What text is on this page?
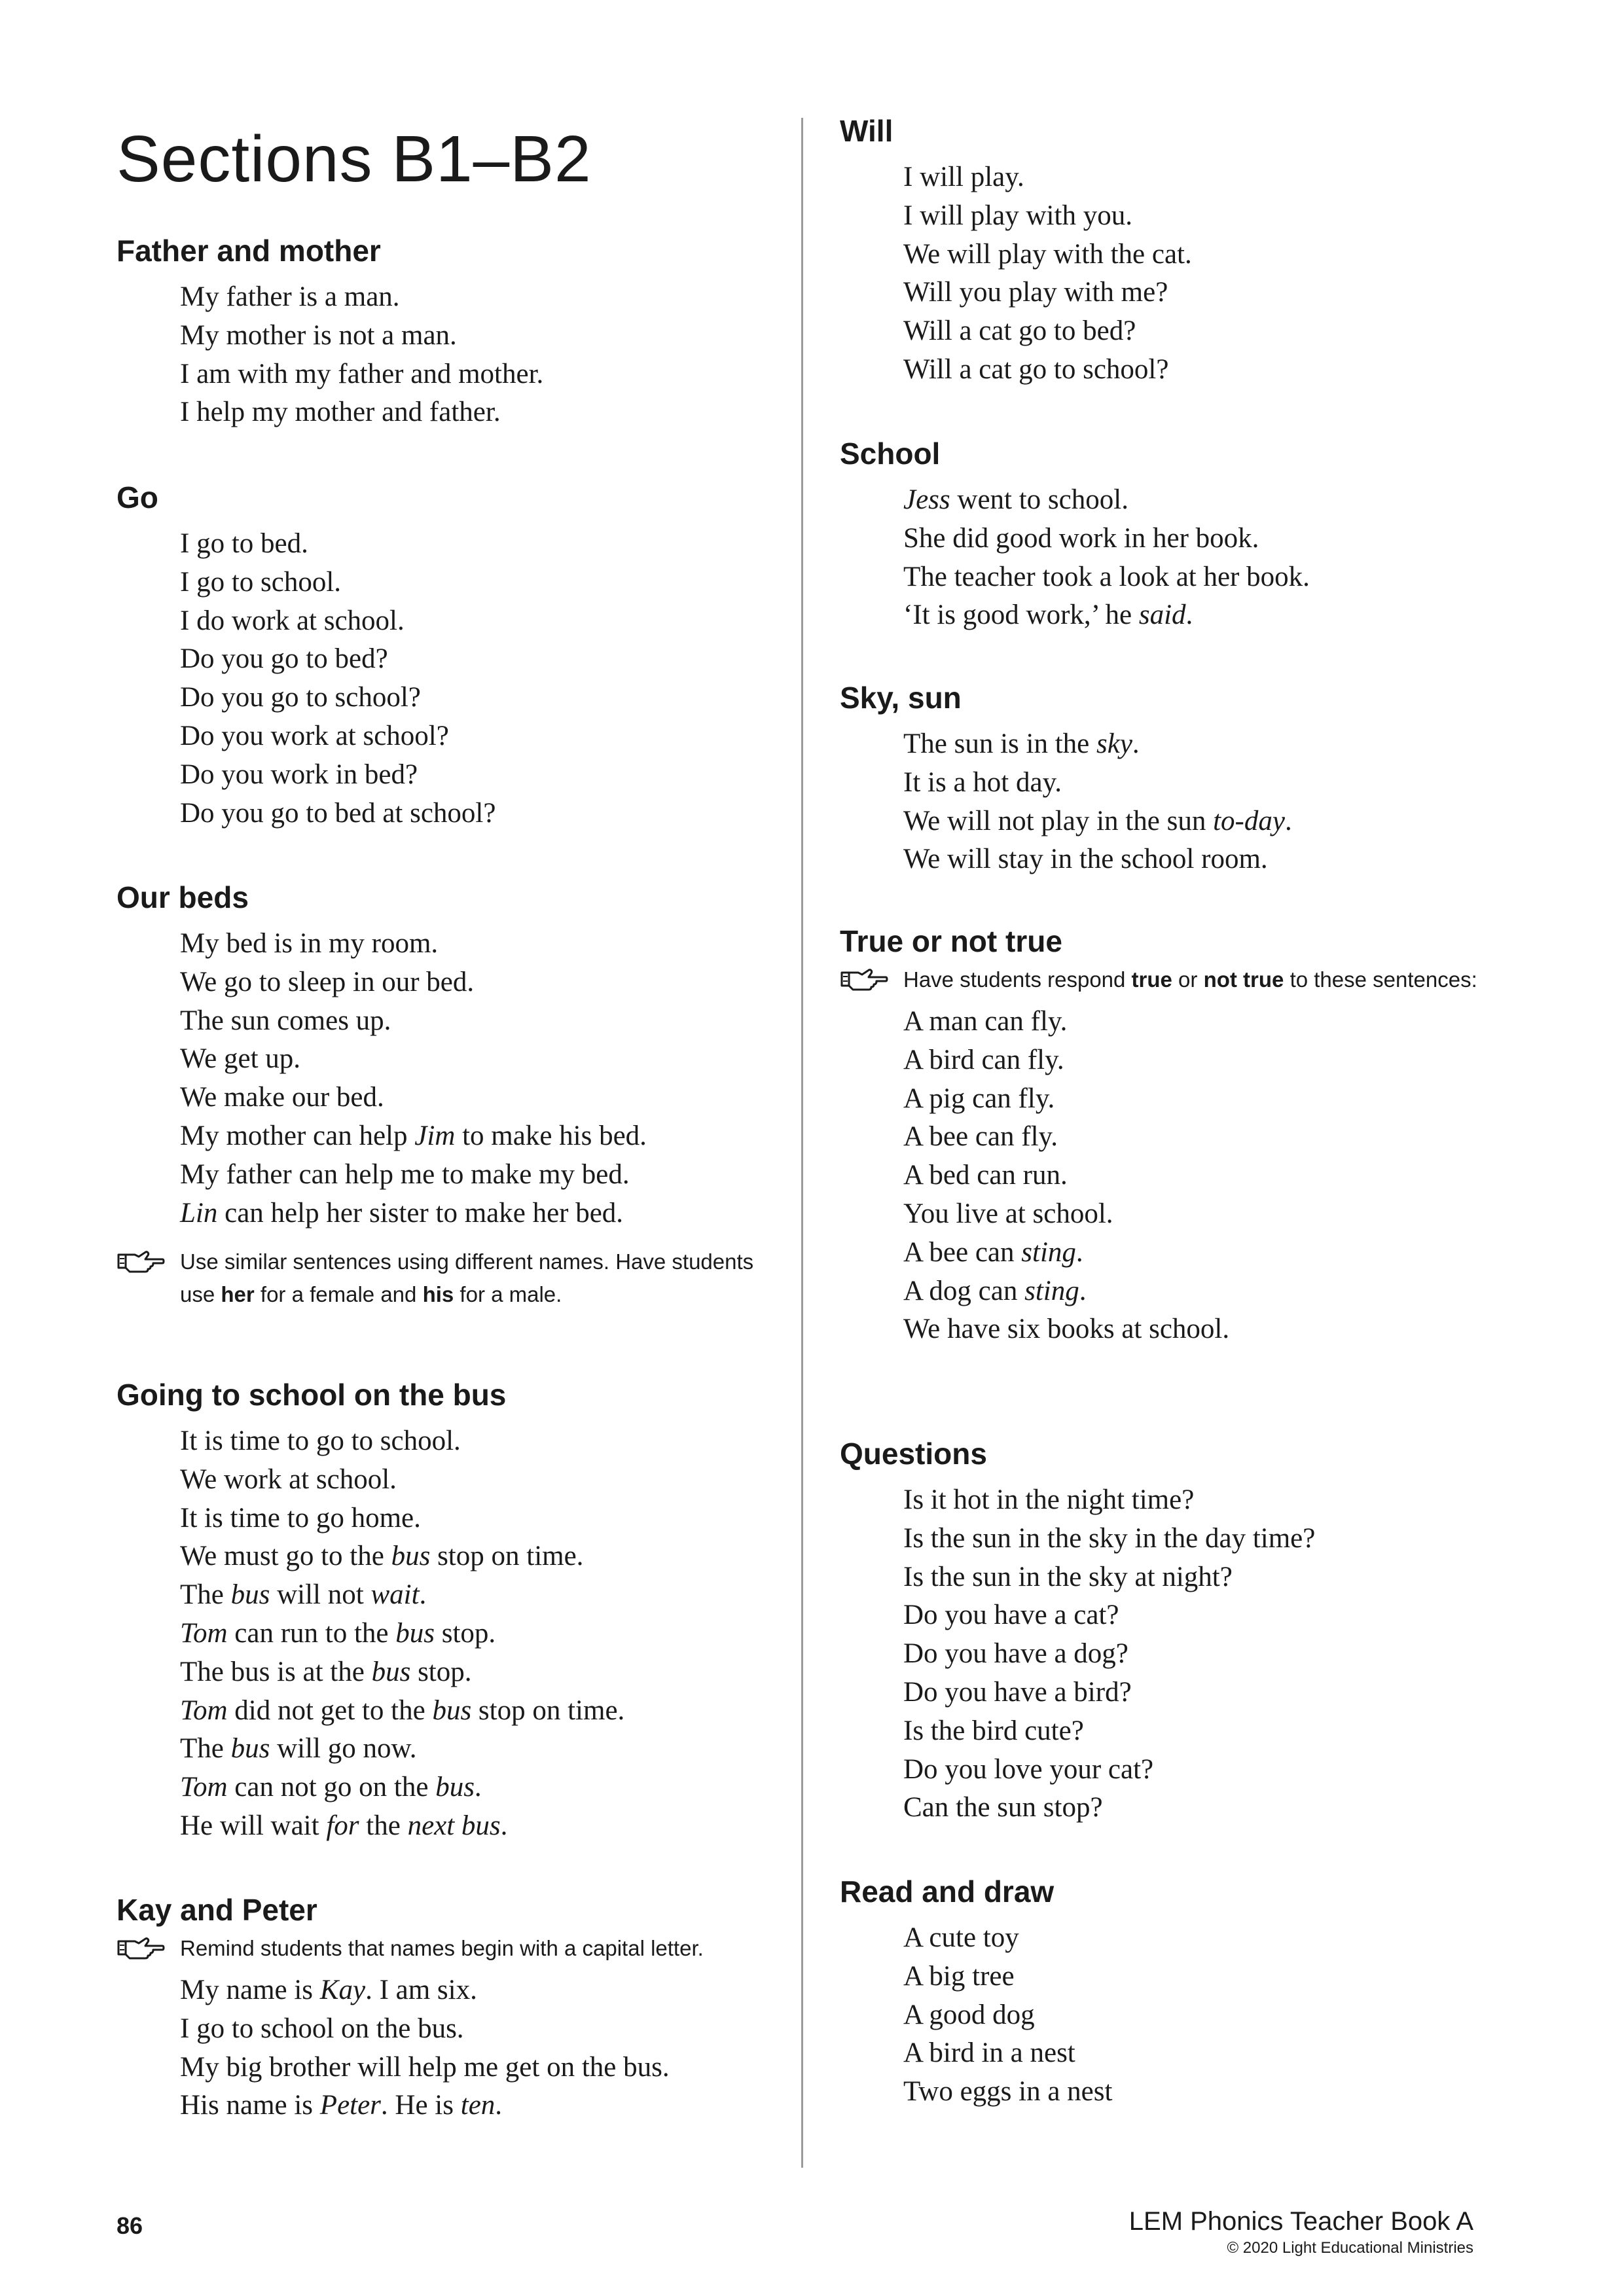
Sections B1–B2
Father and mother
My father is a man.
My mother is not a man.
I am with my father and mother.
I help my mother and father.
Go
I go to bed.
I go to school.
I do work at school.
Do you go to bed?
Do you go to school?
Do you work at school?
Do you work in bed?
Do you go to bed at school?
Our beds
My bed is in my room.
We go to sleep in our bed.
The sun comes up.
We get up.
We make our bed.
My mother can help Jim to make his bed.
My father can help me to make my bed.
Lin can help her sister to make her bed.

Use similar sentences using different names. Have students use her for a female and his for a male.

Going to school on the bus
It is time to go to school.
We work at school.
It is time to go home.
We must go to the bus stop on time.
The bus will not wait.
Tom can run to the bus stop.
The bus is at the bus stop.
Tom did not get to the bus stop on time.
The bus will go now.
Tom can not go on the bus.
He will wait for the next bus.
Kay and Peter

Remind students that names begin with a capital letter.

My name is Kay. I am six.
I go to school on the bus.
My big brother will help me get on the bus.
His name is Peter. He is ten.
Will
I will play.
I will play with you.
We will play with the cat.
Will you play with me?
Will a cat go to bed?
Will a cat go to school?
School
Jess went to school.
She did good work in her book.
The teacher took a look at her book.
‘It is good work,’ he said.
Sky, sun
The sun is in the sky.
It is a hot day.
We will not play in the sun to-day.
We will stay in the school room.
True or not true

Have students respond true or not true to these sentences:

A man can fly.
A bird can fly.
A pig can fly.
A bee can fly.
A bed can run.
You live at school.
A bee can sting.
A dog can sting.
We have six books at school.
Questions
Is it hot in the night time?
Is the sun in the sky in the day time?
Is the sun in the sky at night?
Do you have a cat?
Do you have a dog?
Do you have a bird?
Is the bird cute?
Do you love your cat?
Can the sun stop?
Read and draw
A cute toy
A big tree
A good dog
A bird in a nest
Two eggs in a nest
86	LEM Phonics Teacher Book A
© 2020 Light Educational Ministries
